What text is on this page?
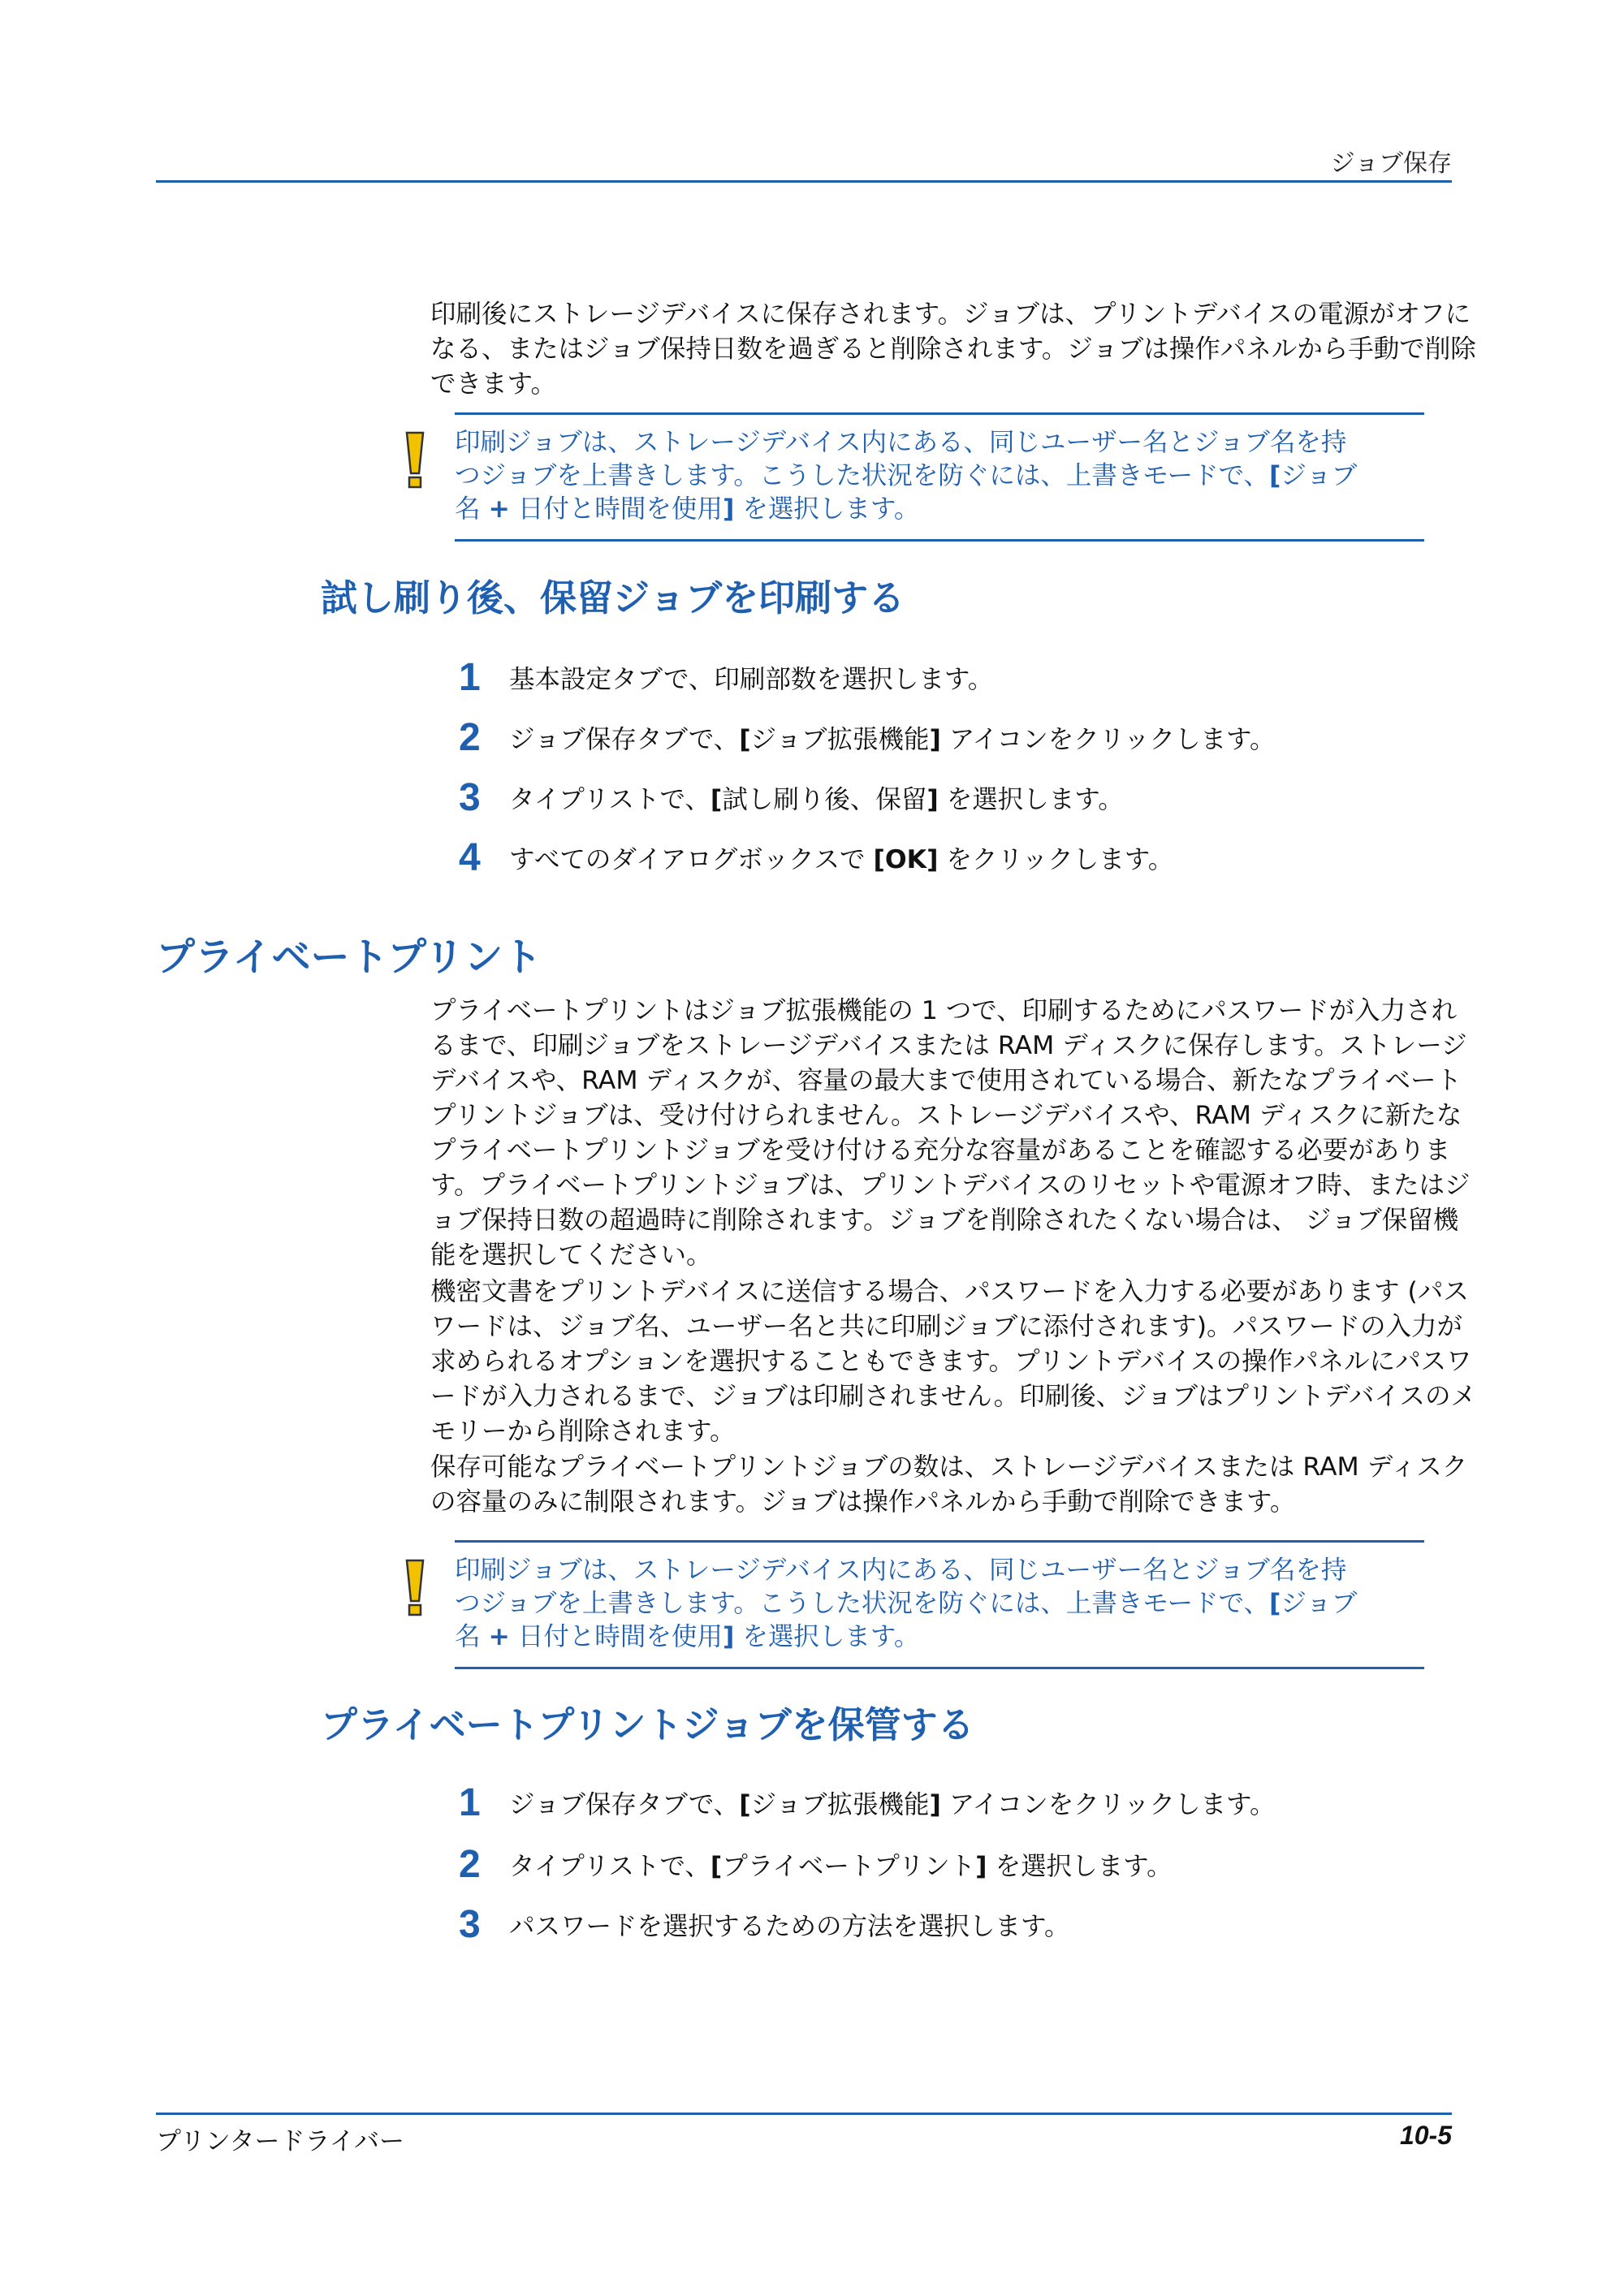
ジョブ保存

印刷後にストレージデバイスに保存されます。ジョブは、プリントデバイスの電源がオフになる、またはジョブ保持日数を過ぎると削除されます。ジョブは操作パネルから手動で削除できます。

印刷ジョブは、ストレージデバイス内にある、同じユーザー名とジョブ名を持つジョブを上書きします。こうした状況を防ぐには、上書きモードで、[ジョブ名 + 日付と時間を使用] を選択します。
試し刷り後、保留ジョブを印刷する
1	基本設定タブで、印刷部数を選択します。
2	ジョブ保存タブで、[ジョブ拡張機能] アイコンをクリックします。
3	タイプリストで、[試し刷り後、保留] を選択します。
4	すべてのダイアログボックスで [OK] をクリックします。
プライベートプリント

プライベートプリントはジョブ拡張機能の 1 つで、印刷するためにパスワードが入力されるまで、印刷ジョブをストレージデバイスまたは RAM ディスクに保存します。ストレージデバイスや、RAM ディスクが、容量の最大まで使用されている場合、新たなプライベートプリントジョブは、受け付けられません。ストレージデバイスや、RAM ディスクに新たなプライベートプリントジョブを受け付ける充分な容量があることを確認する必要があります。プライベートプリントジョブは、プリントデバイスのリセットや電源オフ時、またはジョブ保持日数の超過時に削除されます。ジョブを削除されたくない場合は、 ジョブ保留機能を選択してください。

機密文書をプリントデバイスに送信する場合、パスワードを入力する必要があります (パスワードは、ジョブ名、ユーザー名と共に印刷ジョブに添付されます)。パスワードの入力が求められるオプションを選択することもできます。プリントデバイスの操作パネルにパスワードが入力されるまで、ジョブは印刷されません。印刷後、ジョブはプリントデバイスのメモリーから削除されます。

保存可能なプライベートプリントジョブの数は、ストレージデバイスまたは RAM ディスクの容量のみに制限されます。ジョブは操作パネルから手動で削除できます。

印刷ジョブは、ストレージデバイス内にある、同じユーザー名とジョブ名を持つジョブを上書きします。こうした状況を防ぐには、上書きモードで、[ジョブ名 + 日付と時間を使用] を選択します。
プライベートプリントジョブを保管する
1	ジョブ保存タブで、[ジョブ拡張機能] アイコンをクリックします。
2	タイプリストで、[プライベートプリント] を選択します。
3	パスワードを選択するための方法を選択します。
プリンタードライバー	10-5
